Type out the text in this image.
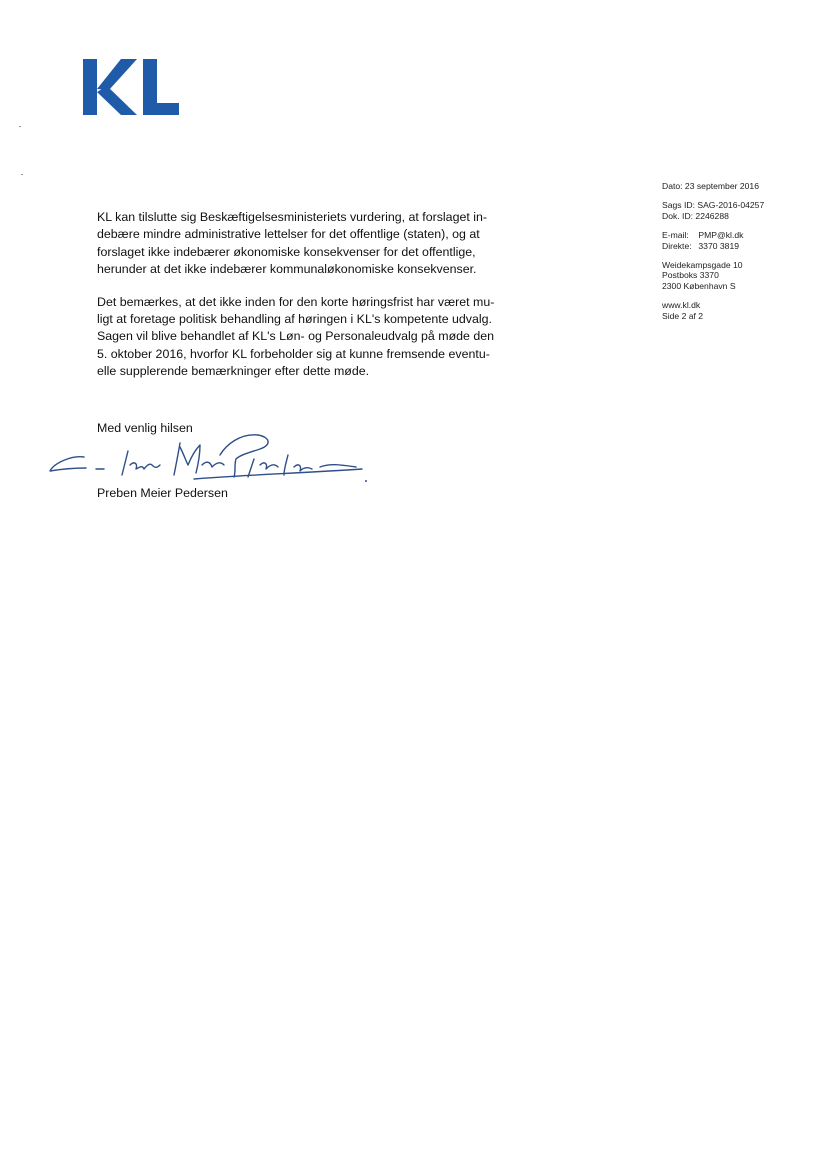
Dato: 23 september 2016
Sags ID: SAG-2016-04257
Dok. ID: 2246288
E-mail: PMP@kl.dk
Direkte: 3370 3819
Weidekampsgade 10
Postboks 3370
2300 København S
www.kl.dk
Side 2 af 2

KL kan tilslutte sig Beskæftigelsesministeriets vurdering, at forslaget in-
debære mindre administrative lettelser for det offentlige (staten), og at
forslaget ikke indebærer økonomiske konsekvenser for det offentlige,
herunder at det ikke indebærer kommunaløkonomiske konsekvenser.

Det bemærkes, at det ikke inden for den korte høringsfrist har været mu-
ligt at foretage politisk behandling af høringen i KL's kompetente udvalg.
Sagen vil blive behandlet af KL's Løn- og Personaleudvalg på møde den
5. oktober 2016, hvorfor KL forbeholder sig at kunne fremsende eventu-
elle supplerende bemærkninger efter dette møde.

Med venlig hilsen
Preben Meier Pedersen
